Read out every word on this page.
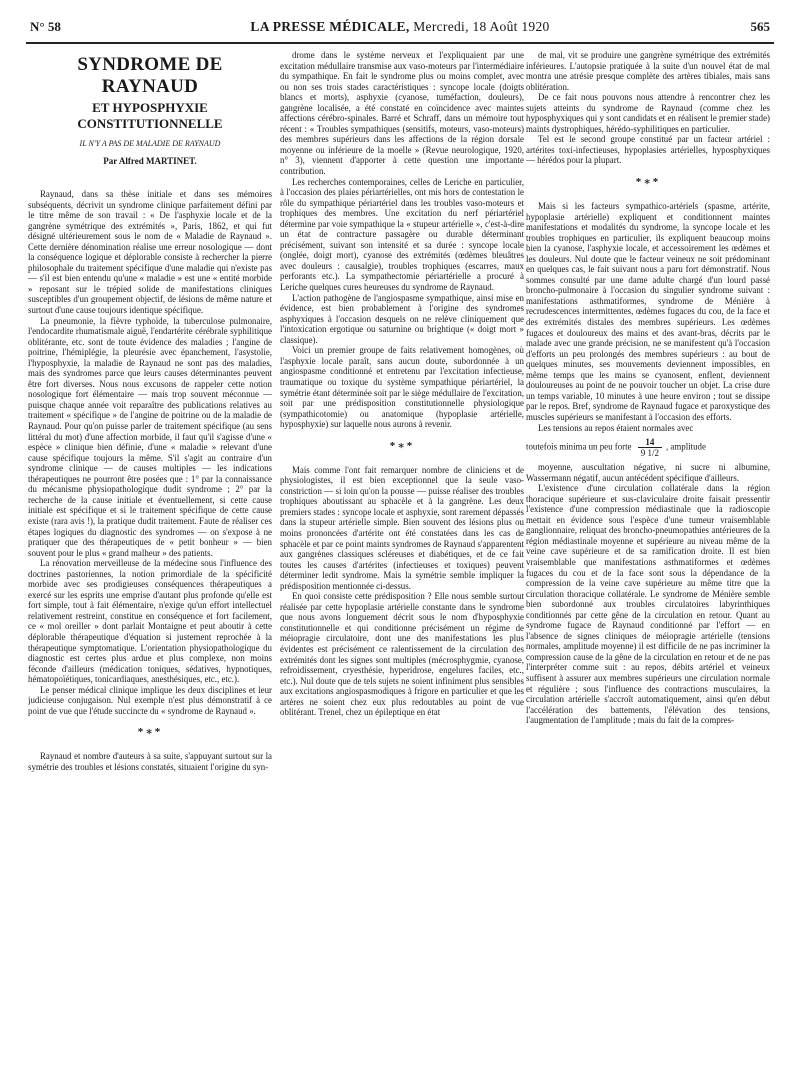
N° 58	LA PRESSE MÉDICALE, Mercredi, 18 Août 1920	565
SYNDROME DE RAYNAUD
ET HYPOSPHYXIE CONSTITUTIONNELLE
IL N'Y A PAS DE MALADIE DE RAYNAUD
Par Alfred MARTINET.

Raynaud, dans sa thèse initiale et dans ses mémoires subséquents, décrivit un syndrome clinique parfaitement défini par le titre même de son travail : « De l'asphyxie locale et de la gangrène symétrique des extrémités », Paris, 1862, et qui fut désigné ultérieurement sous le nom de « Maladie de Raynaud ». Cette dernière dénomination réalise une erreur nosologique — dont la conséquence logique et déplorable consiste à rechercher la pierre philosophale du traitement spécifique d'une maladie qui n'existe pas — s'il est bien entendu qu'une « maladie » est une « entité morbide » reposant sur le trépied solide de manifestations cliniques susceptibles d'un groupement objectif, de lésions de même nature et surtout d'une cause toujours identique spécifique.

La pneumonie, la fièvre typhoïde, la tuberculose pulmonaire, l'endocardite rhumatismale aiguë, l'endartérite cérébrale syphilitique oblitérante, etc. sont de toute évidence des maladies ; l'angine de poitrine, l'hémiplégie, la pleurésie avec épanchement, l'asystolie, l'hyposphyxie, la maladie de Raynaud ne sont pas des maladies, mais des syndromes parce que leurs causes déterminantes peuvent être fort diverses. Nous nous excusons de rappeler cette notion nosologique fort élémentaire — mais trop souvent méconnue — puisque chaque année voit reparaître des publications relatives au traitement « spécifique » de l'angine de poitrine ou de la maladie de Raynaud. Pour qu'on puisse parler de traitement spécifique (au sens littéral du mot) d'une affection morbide, il faut qu'il s'agisse d'une « espèce » clinique bien définie, d'une « maladie » relevant d'une cause spécifique toujours la même. S'il s'agit au contraire d'un syndrome clinique — de causes multiples — les indications thérapeutiques ne pourront être posées que : 1° par la connaissance du mécanisme physiopathologique dudit syndrome ; 2° par la recherche de la cause initiale et éventuellement, si cette cause initiale est spécifique et si le traitement spécifique de cette cause existe (rara avis !), la pratique dudit traitement. Faute de réaliser ces étapes logiques du diagnostic des syndromes — on s'expose à ne pratiquer que des thérapeutiques de « petit bonheur » — bien souvent pour le plus « grand malheur » des patients.

La rénovation merveilleuse de la médecine sous l'influence des doctrines pastoriennes, la notion primordiale de la spécificité morbide avec ses prodigieuses conséquences thérapeutiques a exercé sur les esprits une emprise d'autant plus profonde qu'elle est fort simple, tout à fait élémentaire, n'exige qu'un effort intellectuel relativement restreint, constitue en conséquence et fort facilement, ce « mol oreiller » dont parlait Montaigne et peut aboutir à cette déplorable thérapeutique d'équation si justement reprochée à la thérapeutique symptomatique. L'orientation physiopathologique du diagnostic est certes plus ardue et plus complexe, non moins féconde d'ailleurs (médication toniques, sédatives, hypnotiques, hématopoïétiques, tonicardiaques, anesthésiques, etc., etc.).

Le penser médical clinique implique les deux disciplines et leur judicieuse conjugaison. Nul exemple n'est plus démonstratif à ce point de vue que l'étude succincte du « syndrome de Raynaud ».

*∗*

Raynaud et nombre d'auteurs à sa suite, s'appuyant surtout sur la symétrie des troubles et lésions constatés, situaient l'origine du syn-

drome dans le système nerveux et l'expliquaient par une excitation médullaire transmise aux vaso-moteurs par l'intermédiaire du sympathique. En fait le syndrome plus ou moins complet, avec ou non ses trois stades caractéristiques : syncope locale (doigts blancs et morts), asphyxie (cyanose, tuméfaction, douleurs), gangrène localisée, a été constaté en coïncidence avec maintes affections cérébro-spinales. Barré et Schraff, dans un mémoire tout récent : « Troubles sympathiques (sensitifs, moteurs, vaso-moteurs) des membres supérieurs dans les affections de la région dorsale moyenne ou inférieure de la moelle » (Revue neurologique, 1920, n° 3), viennent d'apporter à cette question une importante contribution.

Les recherches contemporaines, celles de Leriche en particulier, à l'occasion des plaies périartérielles, ont mis hors de contestation le rôle du sympathique périartériel dans les troubles vaso-moteurs et trophiques des membres. Une excitation du nerf périartériel détermine par voie sympathique la « stupeur artérielle », c'est-à-dire un état de contracture passagère ou durable déterminant précisément, suivant son intensité et sa durée : syncope locale (onglée, doigt mort), cyanose des extrémités (œdèmes bleuâtres avec douleurs : causalgie), troubles trophiques (escarres, maux perforants etc.). La sympathectomie périartérielle a procuré à Leriche quelques cures heureuses du syndrome de Raynaud.

L'action pathogène de l'angiospasme sympathique, ainsi mise en évidence, est bien probablement à l'origine des syndromes asphyxiques à l'occasion desquels on ne relève cliniquement que l'intoxication ergotique ou saturnine ou brightique (« doigt mort » classique).

Voici un premier groupe de faits relativement homogènes, où l'asphyxie locale paraît, sans aucun doute, subordonnée à un angiospasme conditionné et entretenu par l'excitation infectieuse, traumatique ou toxique du système sympathique périartériel, la symétrie étant déterminée soit par le siège médullaire de l'excitation, soit par une prédisposition constitutionnelle physiologique (sympathicotomie) ou anatomique (hypoplasie artérielle, hyposphyxie) sur laquelle nous aurons à revenir.

*∗*

Mais comme l'ont fait remarquer nombre de cliniciens et de physiologistes, il est bien exceptionnel que la seule vaso-constriction — si loin qu'on la pousse — puisse réaliser des troubles trophiques aboutissant au sphacèle et à la gangrène. Les deux premiers stades : syncope locale et asphyxie, sont rarement dépassés dans la stupeur artérielle simple. Bien souvent des lésions plus ou moins prononcées d'artérite ont été constatées dans les cas de sphacèle et par ce point maints syndromes de Raynaud s'apparentent aux gangrènes classiques scléreuses et diabétiques, et de ce fait toutes les causes d'artérites (infectieuses et toxiques) peuvent déterminer ledit syndrome. Mais la symétrie semble impliquer la prédisposition mentionnée ci-dessus.

En quoi consiste cette prédisposition ? Elle nous semble surtout réalisée par cette hypoplasie artérielle constante dans le syndrome que nous avons longuement décrit sous le nom d'hyposphyxie constitutionnelle et qui conditionne précisément un régime de méiopragie circulatoire, dont une des manifestations les plus évidentes est précisément ce ralentissement de la circulation des extrémités dont les signes sont multiples (mécrosphygmie, cyanose, refroidissement, cryesthésie, hyperidrose, engelures faciles, etc., etc.). Nul doute que de tels sujets ne soient infiniment plus sensibles aux excitations angiospasmodiques à frigore en particulier et que les artères ne soient chez eux plus redoutables au point de vue oblitérant. Trenel, chez un épileptique en état

de mal, vit se produire une gangrène symétrique des extrémités inférieures. L'autopsie pratiquée à la suite d'un nouvel état de mal montra une atrésie presque complète des artères tibiales, mais sans oblitération.

De ce fait nous pouvons nous attendre à rencontrer chez les sujets atteints du syndrome de Raynaud (comme chez les hyposphyxiques qui y sont candidats et en réalisent le premier stade) maints dystrophiques, hérédo-syphilitiques en particulier.

Tel est le second groupe constitué par un facteur artériel : artérites toxi-infectieuses, hypoplasies artérielles, hyposphyxiques — hérédos pour la plupart.

*∗*

Mais si les facteurs sympathico-artériels (spasme, artérite, hypoplasie artérielle) expliquent et conditionnent maintes manifestations et modalités du syndrome, la syncope locale et les troubles trophiques en particulier, ils expliquent beaucoup moins bien la cyanose, l'asphyxie locale, et accessoirement les œdèmes et les douleurs. Nul doute que le facteur veineux ne soit prédominant en quelques cas, le fait suivant nous a paru fort démonstratif. Nous sommes consulté par une dame adulte chargé d'un lourd passé broncho-pulmonaire à l'occasion du singulier syndrome suivant : manifestations asthmatiformes, syndrome de Ménière à recrudescences intermittentes, œdèmes fugaces du cou, de la face et des extrémités distales des membres supérieurs. Les œdèmes fugaces et douloureux des mains et des avant-bras, décrits par le malade avec une grande précision, ne se manifestent qu'à l'occasion d'efforts un peu prolongés des membres supérieurs : au bout de quelques minutes, ses mouvements deviennent impossibles, en même temps que les mains se cyanosent, enflent, deviennent douloureuses au point de ne pouvoir toucher un objet. La crise dure un temps variable, 10 minutes à une heure environ ; tout se dissipe par le repos. Bref, syndrome de Raynaud fugace et paroxystique des muscles supérieurs se manifestant à l'occasion des efforts.

Les tensions au repos étaient normales avec

toutefois minima un peu forte $\frac{14}{9 1/2}$ , amplitude

moyenne, auscultation négative, ni sucre ni albumine, Wassermann négatif, aucun antécédent spécifique d'ailleurs.

L'existence d'une circulation collatérale dans la région thoracique supérieure et sus-claviculaire droite faisait pressentir l'existence d'une compression médiastinale que la radioscopie mettait en évidence sous l'espèce d'une tumeur vraisemblable ganglionnaire, reliquat des broncho-pneumopathies antérieures de la région médiastinale moyenne et supérieure au niveau même de la veine cave supérieure et de sa ramification droite. Il est bien vraisemblable que manifestations asthmatiformes et œdèmes fugaces du cou et de la face sont sous la dépendance de la compression de la veine cave supérieure au même titre que la circulation thoracique collatérale. Le syndrome de Ménière semble bien subordonné aux troubles circulatoires labyrinthiques conditionnés par cette gêne de la circulation en retour. Quant au syndrome fugace de Raynaud conditionné par l'effort — en l'absence de signes cliniques de méiopragie artérielle (tensions normales, amplitude moyenne) il est difficile de ne pas incriminer la compression cause de la gêne de la circulation en retour et de ne pas l'interpréter comme suit : au repos, débits artériel et veineux suffisent à assurer aux membres supérieurs une circulation normale et régulière ; sous l'influence des contractions musculaires, la circulation artérielle s'accroît automatiquement, ainsi qu'en début l'accélération des battements, l'élévation des tensions, l'augmentation de l'amplitude ; mais du fait de la compres-
